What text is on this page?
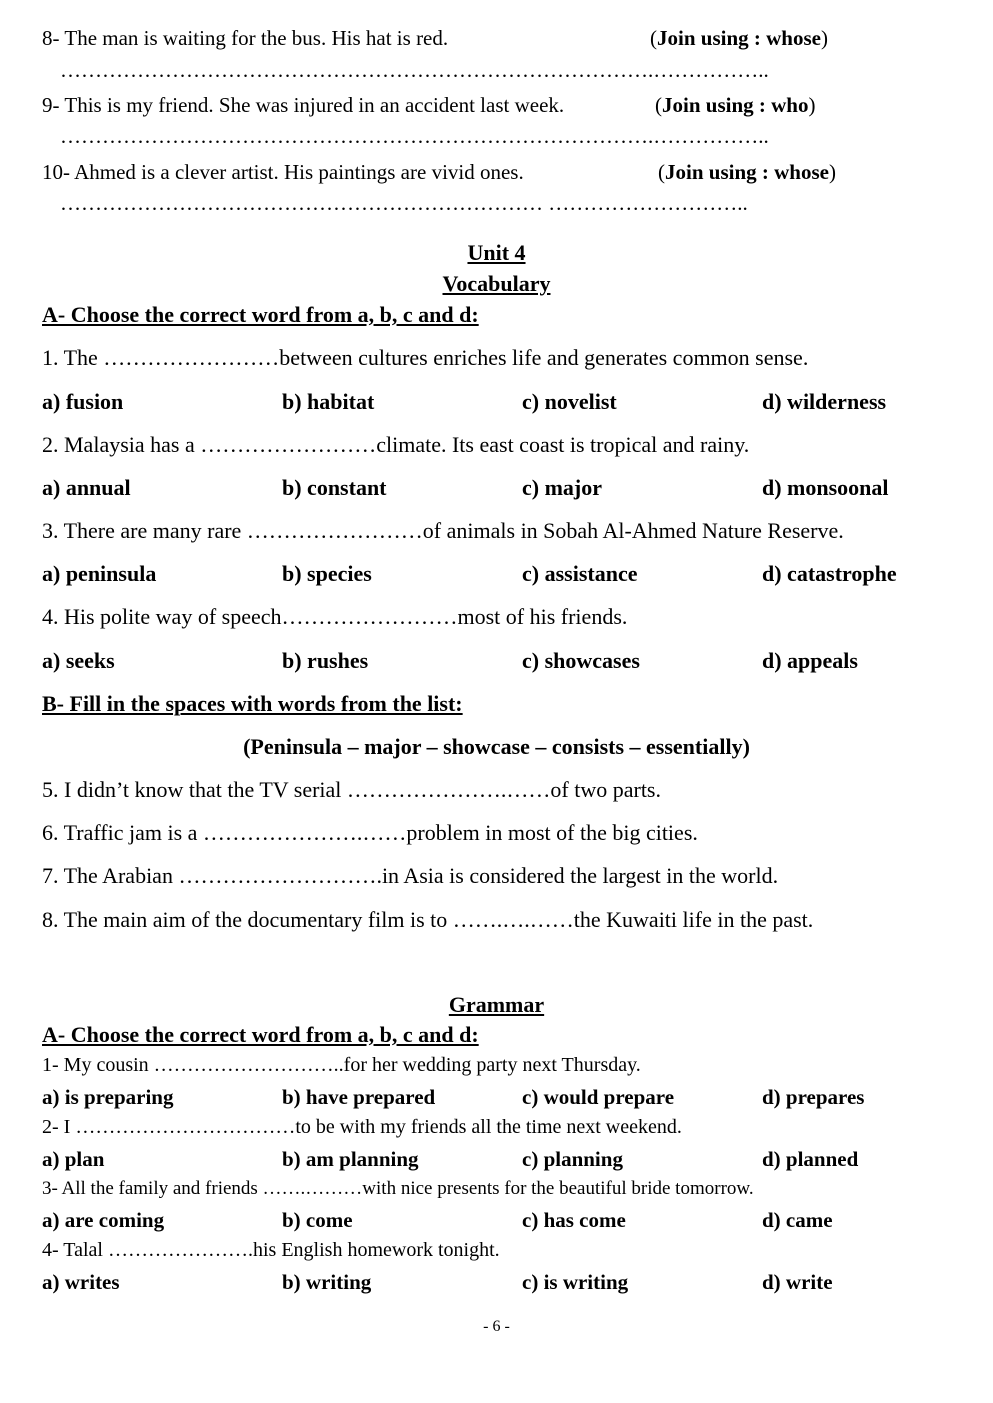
8- The man is waiting for the bus. His hat is red.	(Join using : whose)
………………………………………………………………………….……………..
9- This is my friend. She was injured in an accident last week.	(Join using : who)
………………………………………………………………………….……………..
10- Ahmed is a clever artist. His paintings are vivid ones.	(Join using : whose)
…………………………………………………………… ………………………..
Unit 4
Vocabulary
A- Choose the correct word from a, b, c and d:
1. The ……………………between cultures enriches life and generates common sense.
a) fusion	b) habitat	c) novelist	d) wilderness
2. Malaysia has a ……………………climate. Its east coast is tropical and rainy.
a) annual	b) constant	c) major	d) monsoonal
3. There are many rare ……………………of animals in Sobah Al-Ahmed Nature Reserve.
a) peninsula	b) species	c) assistance	d) catastrophe
4. His polite way of speech……………………most of his friends.
a) seeks	b) rushes	c) showcases	d) appeals
B- Fill in the spaces with words from the list:
(Peninsula – major – showcase – consists – essentially)
5. I didn’t know that the TV serial ………………….……of two parts.
6. Traffic jam is a ………………….……problem in most of the big cities.
7. The Arabian ……………………….in Asia is considered the largest in the world.
8. The main aim of the documentary film is to …….….……the Kuwaiti life in the past.
Grammar
A- Choose the correct word from a, b, c and d:
1- My cousin ………………………..for her wedding party next Thursday.
a) is preparing	b) have prepared	c) would prepare	d) prepares
2- I ……………………………to be with my friends all the time next weekend.
a) plan	b) am planning	c) planning	d) planned
3- All the family and friends …….………with nice presents for the beautiful bride tomorrow.
a) are coming	b) come	c) has come	d) came
4- Talal ………………….his English homework tonight.
a) writes	b) writing	c) is writing	d) write
- 6 -
